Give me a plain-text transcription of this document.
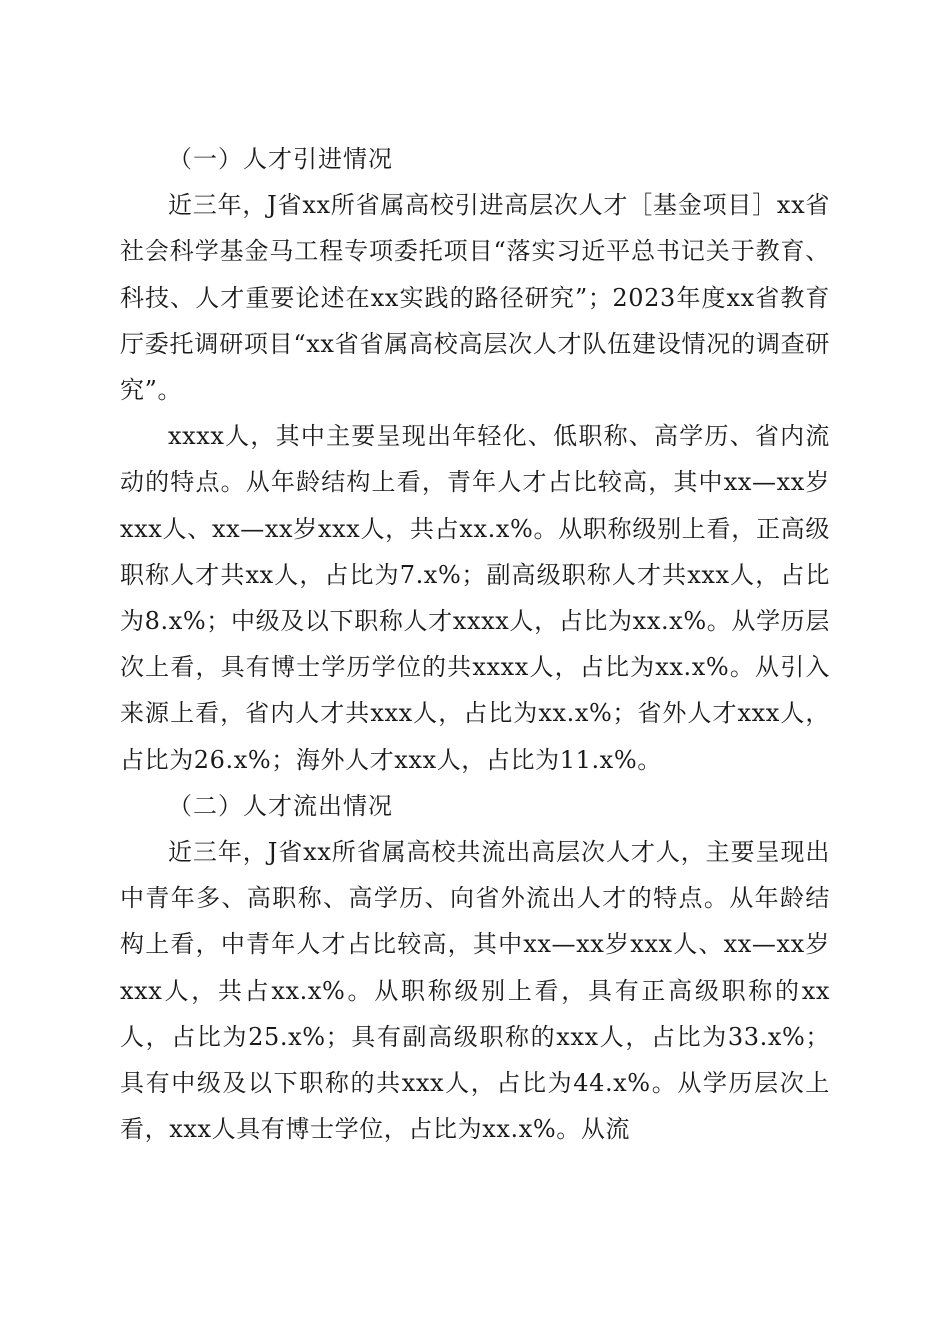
（一）人才引进情况

近三年，J省xx所省属高校引进高层次人才［基金项目］xx省社会科学基金马工程专项委托项目“落实习近平总书记关于教育、科技、人才重要论述在xx实践的路径研究”；2023年度xx省教育厅委托调研项目“xx省省属高校高层次人才队伍建设情况的调查研究”。

xxxx人，其中主要呈现出年轻化、低职称、高学历、省内流动的特点。从年龄结构上看，青年人才占比较高，其中xx—xx岁xxx人、xx—xx岁xxx人，共占xx.x%。从职称级别上看，正高级职称人才共xx人，占比为7.x%；副高级职称人才共xxx人，占比为8.x%；中级及以下职称人才xxxx人，占比为xx.x%。从学历层次上看，具有博士学历学位的共xxxx人，占比为xx.x%。从引入来源上看，省内人才共xxx人，占比为xx.x%；省外人才xxx人，占比为26.x%；海外人才xxx人，占比为11.x%。

（二）人才流出情况

近三年，J省xx所省属高校共流出高层次人才人，主要呈现出中青年多、高职称、高学历、向省外流出人才的特点。从年龄结构上看，中青年人才占比较高，其中xx—xx岁xxx人、xx—xx岁xxx人，共占xx.x%。从职称级别上看，具有正高级职称的xx人，占比为25.x%；具有副高级职称的xxx人，占比为33.x%；具有中级及以下职称的共xxx人，占比为44.x%。从学历层次上看，xxx人具有博士学位，占比为xx.x%。从流
